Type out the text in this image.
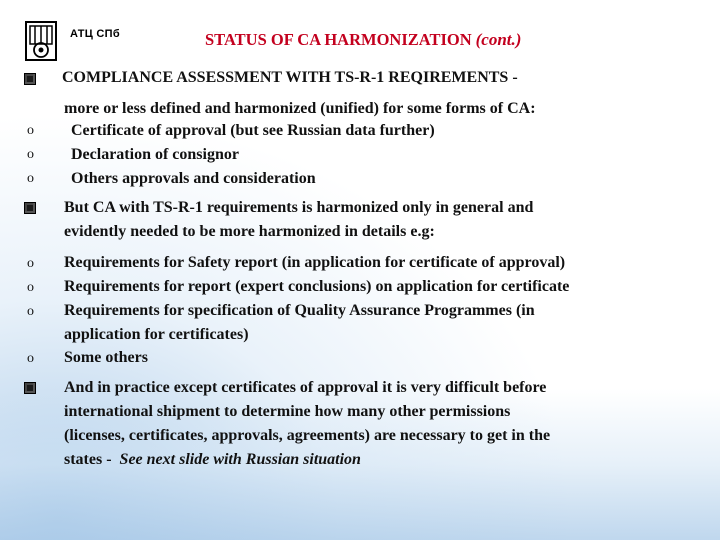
АТЦ СПб	STATUS OF CA HARMONIZATION (cont.)
COMPLIANCE ASSESSMENT WITH TS-R-1 REQIREMENTS -
more or less defined and harmonized (unified) for some forms of CA:
o Certificate of approval (but see Russian data further)
o Declaration of consignor
o Others approvals and consideration
But CA with TS-R-1 requirements is harmonized only in general and
evidently needed to be more harmonized in details e.g:
o Requirements for Safety report (in application for certificate of approval)
o Requirements for report (expert conclusions) on application for certificate
o Requirements for specification of Quality Assurance Programmes (in
application for certificates)
o Some others
And in practice except certificates of approval it is very difficult before
international shipment to determine how many other permissions
(licenses, certificates, approvals, agreements) are necessary to get in the
states - See next slide with Russian situation
